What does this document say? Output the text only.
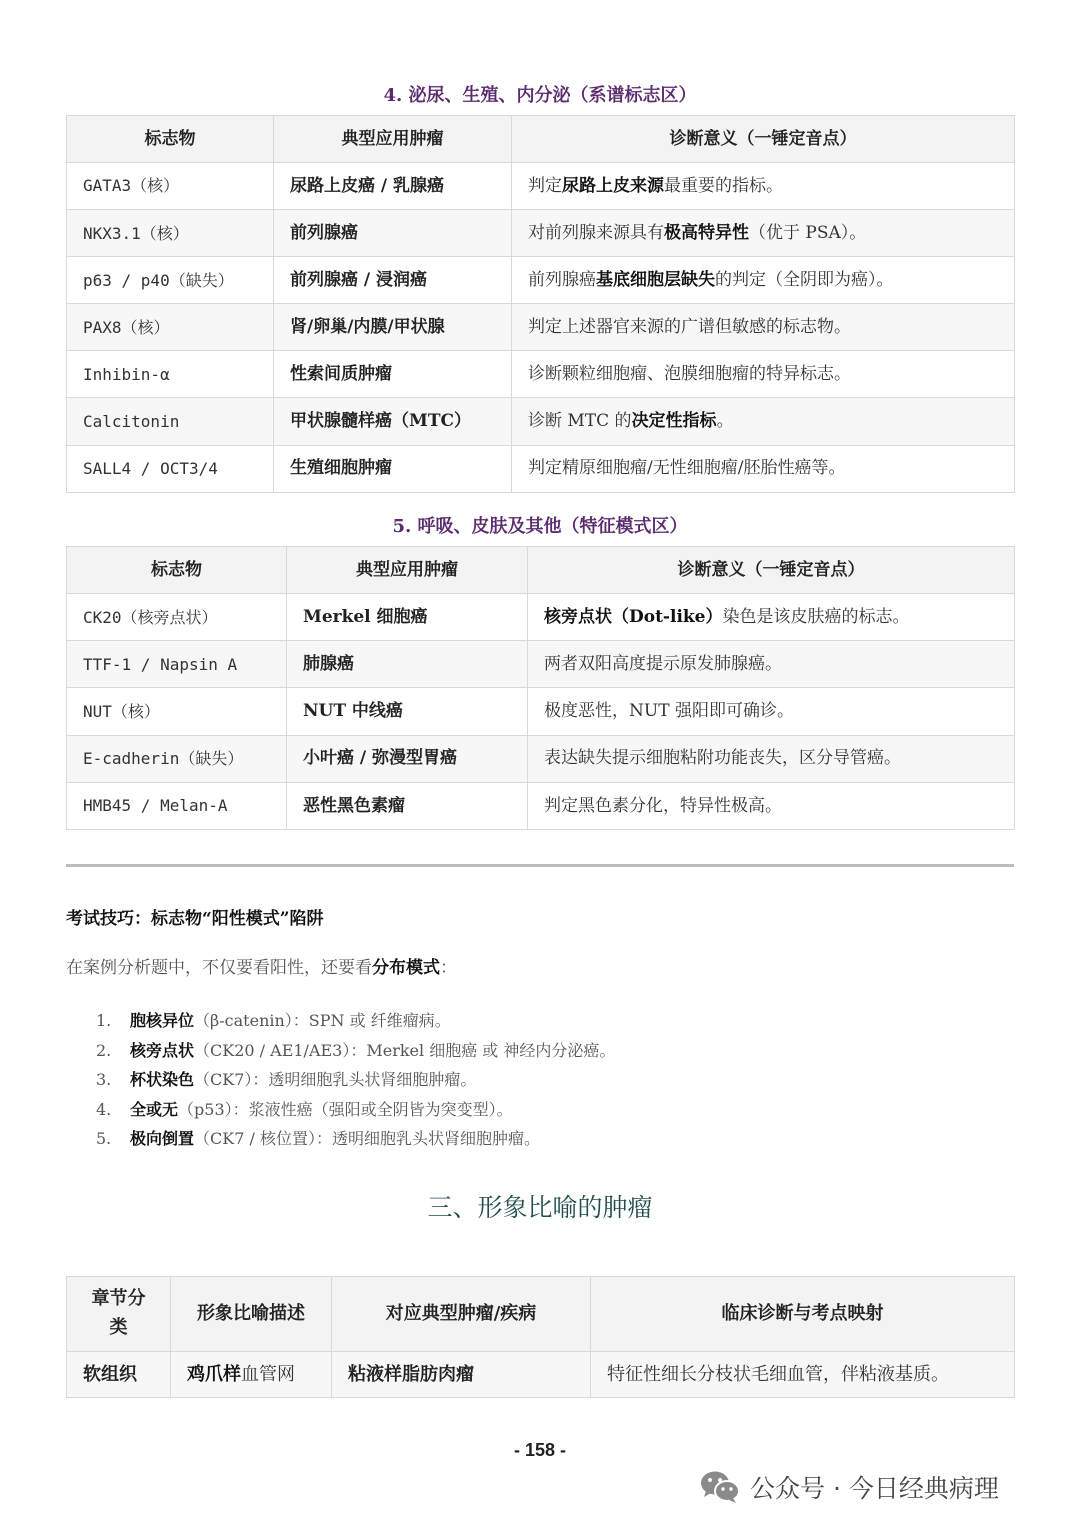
4. 泌尿、生殖、内分泌（系谱标志区）
标志物	典型应用肿瘤	诊断意义（一锤定音点）
GATA3（核）	尿路上皮癌 / 乳腺癌	判定尿路上皮来源最重要的指标。
NKX3.1（核）	前列腺癌	对前列腺来源具有极高特异性（优于 PSA）。
p63 / p40（缺失）	前列腺癌 / 浸润癌	前列腺癌基底细胞层缺失的判定（全阴即为癌）。
PAX8（核）	肾/卵巢/内膜/甲状腺	判定上述器官来源的广谱但敏感的标志物。
Inhibin-α	性索间质肿瘤	诊断颗粒细胞瘤、泡膜细胞瘤的特异标志。
Calcitonin	甲状腺髓样癌（MTC）	诊断 MTC 的决定性指标。
SALL4 / OCT3/4	生殖细胞肿瘤	判定精原细胞瘤/无性细胞瘤/胚胎性癌等。
5. 呼吸、皮肤及其他（特征模式区）
标志物	典型应用肿瘤	诊断意义（一锤定音点）
CK20（核旁点状）	Merkel 细胞癌	核旁点状（Dot-like）染色是该皮肤癌的标志。
TTF-1 / Napsin A	肺腺癌	两者双阳高度提示原发肺腺癌。
NUT（核）	NUT 中线癌	极度恶性，NUT 强阳即可确诊。
E-cadherin（缺失）	小叶癌 / 弥漫型胃癌	表达缺失提示细胞粘附功能丧失，区分导管癌。
HMB45 / Melan-A	恶性黑色素瘤	判定黑色素分化，特异性极高。

考试技巧：标志物“阳性模式”陷阱

在案例分析题中，不仅要看阳性，还要看分布模式：

1. 胞核异位（β-catenin）：SPN 或 纤维瘤病。
2. 核旁点状（CK20 / AE1/AE3）：Merkel 细胞癌 或 神经内分泌癌。
3. 杯状染色（CK7）：透明细胞乳头状肾细胞肿瘤。
4. 全或无（p53）：浆液性癌（强阳或全阴皆为突变型）。
5. 极向倒置（CK7 / 核位置）：透明细胞乳头状肾细胞肿瘤。
三、形象比喻的肿瘤
章节分类	形象比喻描述	对应典型肿瘤/疾病	临床诊断与考点映射
软组织	鸡爪样血管网	粘液样脂肪肉瘤	特征性细长分枝状毛细血管，伴粘液基质。
- 158 -
公众号 · 今日经典病理
